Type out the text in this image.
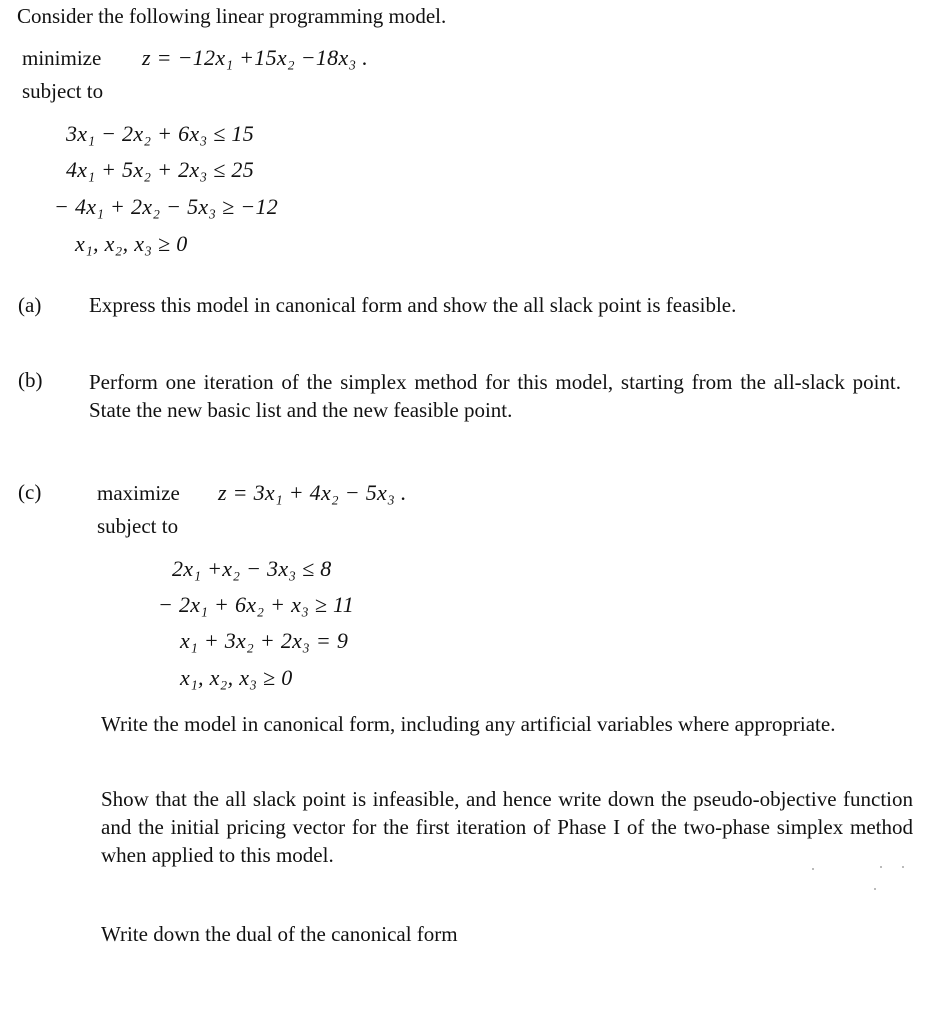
Consider the following linear programming model.
minimize z = −12x₁ +15x₂ −18x₃ .
subject to
3x₁ − 2x₂ + 6x₃ ≤ 15
4x₁ + 5x₂ + 2x₃ ≤ 25
− 4x₁ + 2x₂ − 5x₃ ≥ −12
x₁, x₂, x₃ ≥ 0
(a) Express this model in canonical form and show the all slack point is feasible.
(b) Perform one iteration of the simplex method for this model, starting from the all-slack point. State the new basic list and the new feasible point.
(c)	maximize z = 3x₁ + 4x₂ − 5x₃ .
subject to
2x₁ +x₂ − 3x₃ ≤ 8
− 2x₁ + 6x₂ + x₃ ≥ 11
x₁ + 3x₂ + 2x₃ = 9
x₁, x₂, x₃ ≥ 0
Write the model in canonical form, including any artificial variables where appropriate.
Show that the all slack point is infeasible, and hence write down the pseudo-objective function and the initial pricing vector for the first iteration of Phase I of the two-phase simplex method when applied to this model.
Write down the dual of the canonical form
